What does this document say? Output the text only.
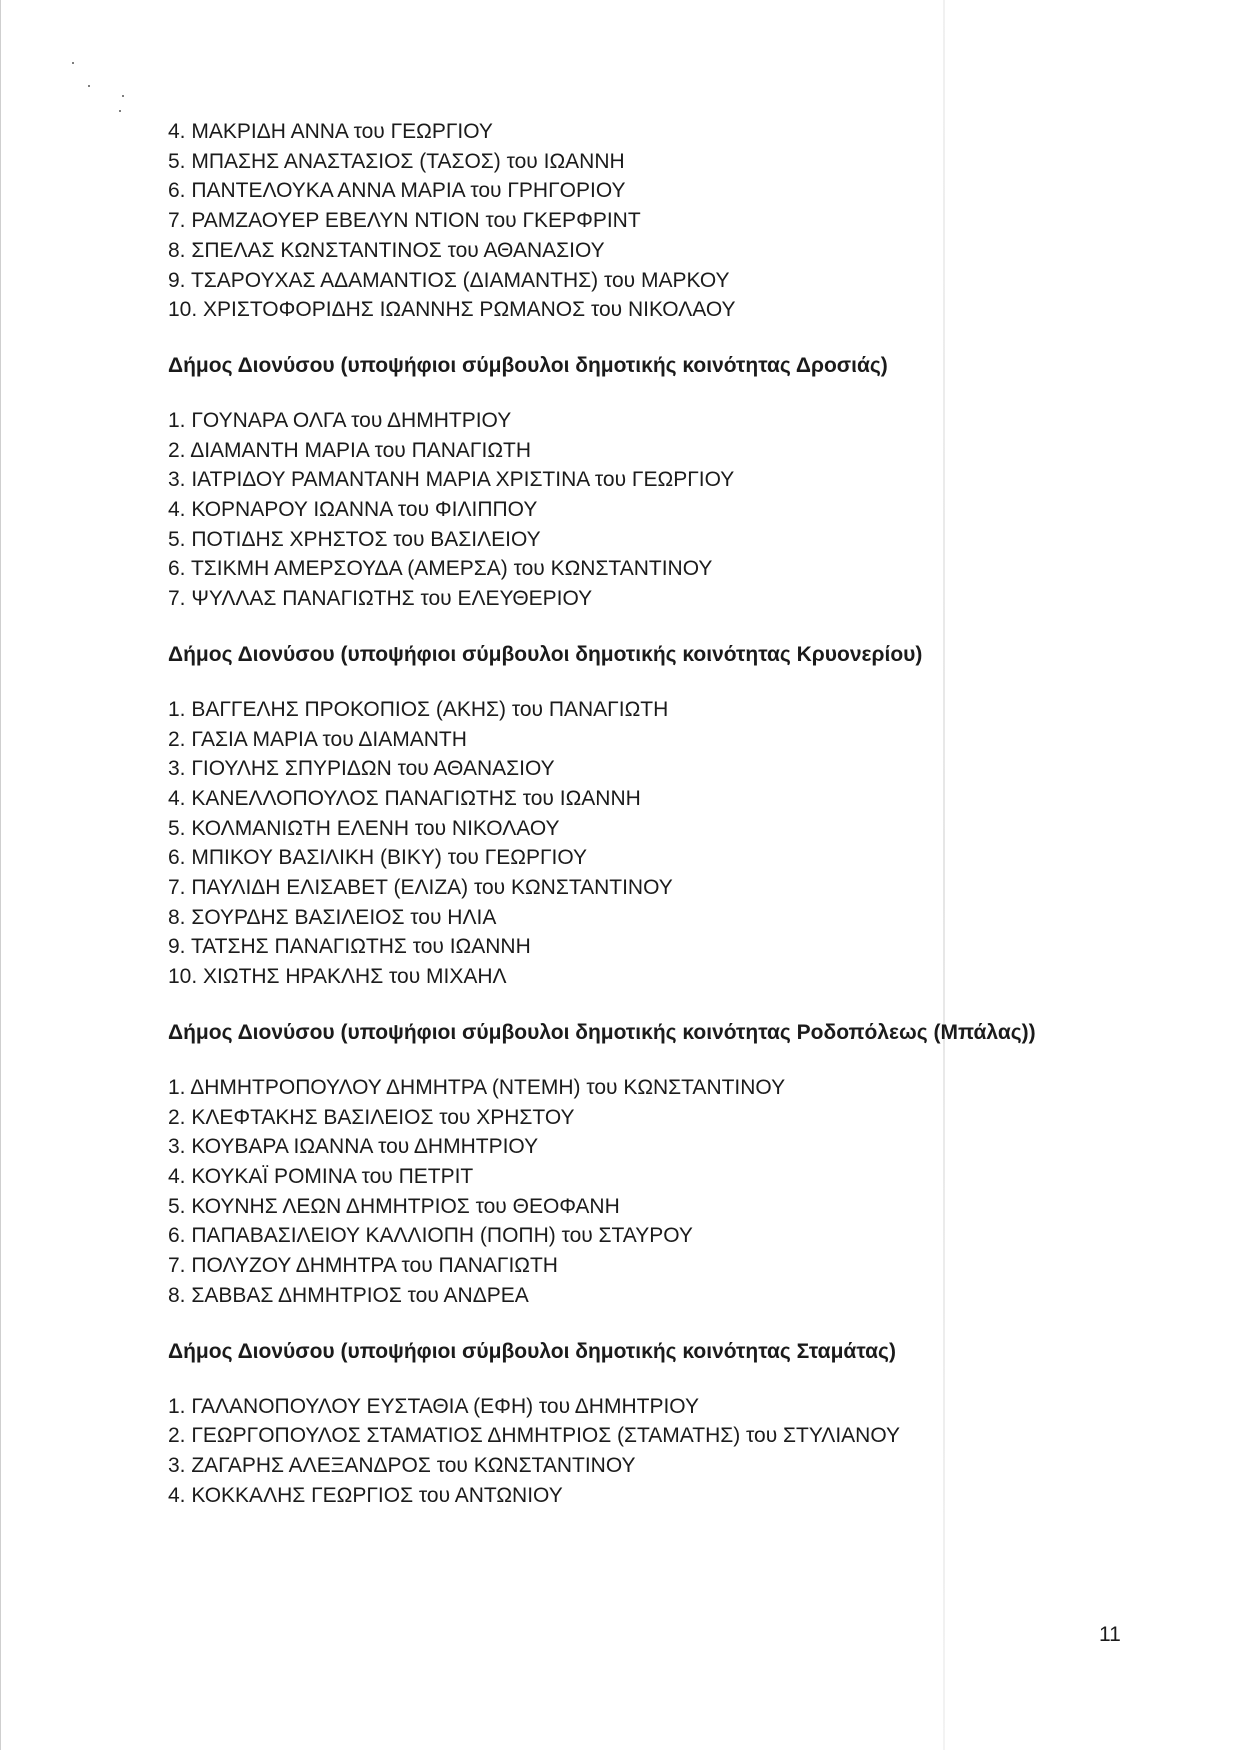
4. ΜΑΚΡΙΔΗ ΑΝΝΑ του ΓΕΩΡΓΙΟΥ
5. ΜΠΑΣΗΣ ΑΝΑΣΤΑΣΙΟΣ (ΤΑΣΟΣ) του ΙΩΑΝΝΗ
6. ΠΑΝΤΕΛΟΥΚΑ ΑΝΝΑ ΜΑΡΙΑ του ΓΡΗΓΟΡΙΟΥ
7. ΡΑΜΖΑΟΥΕΡ ΕΒΕΛΥΝ ΝΤΙΟΝ του ΓΚΕΡΦΡΙΝΤ
8. ΣΠΕΛΑΣ ΚΩΝΣΤΑΝΤΙΝΟΣ του ΑΘΑΝΑΣΙΟΥ
9. ΤΣΑΡΟΥΧΑΣ ΑΔΑΜΑΝΤΙΟΣ (ΔΙΑΜΑΝΤΗΣ) του ΜΑΡΚΟΥ
10. ΧΡΙΣΤΟΦΟΡΙΔΗΣ ΙΩΑΝΝΗΣ ΡΩΜΑΝΟΣ του ΝΙΚΟΛΑΟΥ
Δήμος Διονύσου (υποψήφιοι σύμβουλοι δημοτικής κοινότητας Δροσιάς)
1. ΓΟΥΝΑΡΑ ΟΛΓΑ του ΔΗΜΗΤΡΙΟΥ
2. ΔΙΑΜΑΝΤΗ ΜΑΡΙΑ του ΠΑΝΑΓΙΩΤΗ
3. ΙΑΤΡΙΔΟΥ ΡΑΜΑΝΤΑΝΗ ΜΑΡΙΑ ΧΡΙΣΤΙΝΑ του ΓΕΩΡΓΙΟΥ
4. ΚΟΡΝΑΡΟΥ ΙΩΑΝΝΑ του ΦΙΛΙΠΠΟΥ
5. ΠΟΤΙΔΗΣ ΧΡΗΣΤΟΣ του ΒΑΣΙΛΕΙΟΥ
6. ΤΣΙΚΜΗ ΑΜΕΡΣΟΥΔΑ (ΑΜΕΡΣΑ) του ΚΩΝΣΤΑΝΤΙΝΟΥ
7. ΨΥΛΛΑΣ ΠΑΝΑΓΙΩΤΗΣ του ΕΛΕΥΘΕΡΙΟΥ
Δήμος Διονύσου (υποψήφιοι σύμβουλοι δημοτικής κοινότητας Κρυονερίου)
1. ΒΑΓΓΕΛΗΣ ΠΡΟΚΟΠΙΟΣ (ΑΚΗΣ) του ΠΑΝΑΓΙΩΤΗ
2. ΓΑΣΙΑ ΜΑΡΙΑ του ΔΙΑΜΑΝΤΗ
3. ΓΙΟΥΛΗΣ ΣΠΥΡΙΔΩΝ του ΑΘΑΝΑΣΙΟΥ
4. ΚΑΝΕΛΛΟΠΟΥΛΟΣ ΠΑΝΑΓΙΩΤΗΣ του ΙΩΑΝΝΗ
5. ΚΟΛΜΑΝΙΩΤΗ ΕΛΕΝΗ του ΝΙΚΟΛΑΟΥ
6. ΜΠΙΚΟΥ ΒΑΣΙΛΙΚΗ (ΒΙΚΥ) του ΓΕΩΡΓΙΟΥ
7. ΠΑΥΛΙΔΗ ΕΛΙΣΑΒΕΤ (ΕΛΙΖΑ) του ΚΩΝΣΤΑΝΤΙΝΟΥ
8. ΣΟΥΡΔΗΣ ΒΑΣΙΛΕΙΟΣ του ΗΛΙΑ
9. ΤΑΤΣΗΣ ΠΑΝΑΓΙΩΤΗΣ του ΙΩΑΝΝΗ
10. ΧΙΩΤΗΣ ΗΡΑΚΛΗΣ του ΜΙΧΑΗΛ
Δήμος Διονύσου (υποψήφιοι σύμβουλοι δημοτικής κοινότητας Ροδοπόλεως (Μπάλας))
1. ΔΗΜΗΤΡΟΠΟΥΛΟΥ ΔΗΜΗΤΡΑ (ΝΤΕΜΗ) του ΚΩΝΣΤΑΝΤΙΝΟΥ
2. ΚΛΕΦΤΑΚΗΣ ΒΑΣΙΛΕΙΟΣ του ΧΡΗΣΤΟΥ
3. ΚΟΥΒΑΡΑ ΙΩΑΝΝΑ του ΔΗΜΗΤΡΙΟΥ
4. ΚΟΥΚΑΪ ΡΟΜΙΝΑ του ΠΕΤΡΙΤ
5. ΚΟΥΝΗΣ ΛΕΩΝ ΔΗΜΗΤΡΙΟΣ του ΘΕΟΦΑΝΗ
6. ΠΑΠΑΒΑΣΙΛΕΙΟΥ ΚΑΛΛΙΟΠΗ (ΠΟΠΗ) του ΣΤΑΥΡΟΥ
7. ΠΟΛΥΖΟΥ ΔΗΜΗΤΡΑ του ΠΑΝΑΓΙΩΤΗ
8. ΣΑΒΒΑΣ ΔΗΜΗΤΡΙΟΣ του ΑΝΔΡΕΑ
Δήμος Διονύσου (υποψήφιοι σύμβουλοι δημοτικής κοινότητας Σταμάτας)
1. ΓΑΛΑΝΟΠΟΥΛΟΥ ΕΥΣΤΑΘΙΑ (ΕΦΗ) του ΔΗΜΗΤΡΙΟΥ
2. ΓΕΩΡΓΟΠΟΥΛΟΣ ΣΤΑΜΑΤΙΟΣ ΔΗΜΗΤΡΙΟΣ (ΣΤΑΜΑΤΗΣ) του ΣΤΥΛΙΑΝΟΥ
3. ΖΑΓΑΡΗΣ ΑΛΕΞΑΝΔΡΟΣ του ΚΩΝΣΤΑΝΤΙΝΟΥ
4. ΚΟΚΚΑΛΗΣ ΓΕΩΡΓΙΟΣ του ΑΝΤΩΝΙΟΥ
11
